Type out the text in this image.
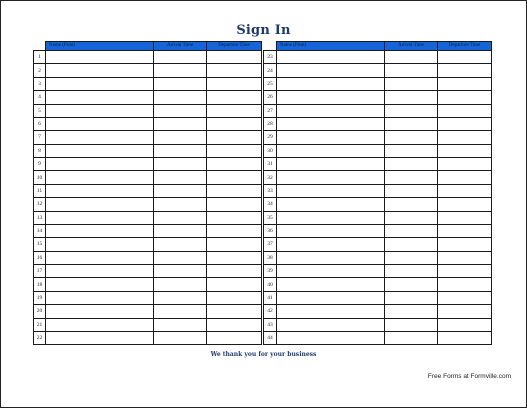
Sign In
	Name (Print)	Arrival Time	Departure Time
1			
2			
3			
4			
5			
6			
7			
8			
9			
10			
11			
12			
13			
14			
15			
16			
17			
18			
19			
20			
21			
22			
	Name (Print)	Arrival Time	Departure Time
23			
24			
25			
26			
27			
28			
29			
30			
31			
32			
33			
34			
35			
36			
37			
38			
39			
40			
41			
42			
43			
44			
We thank you for your business
Free Forms at Formville.com
